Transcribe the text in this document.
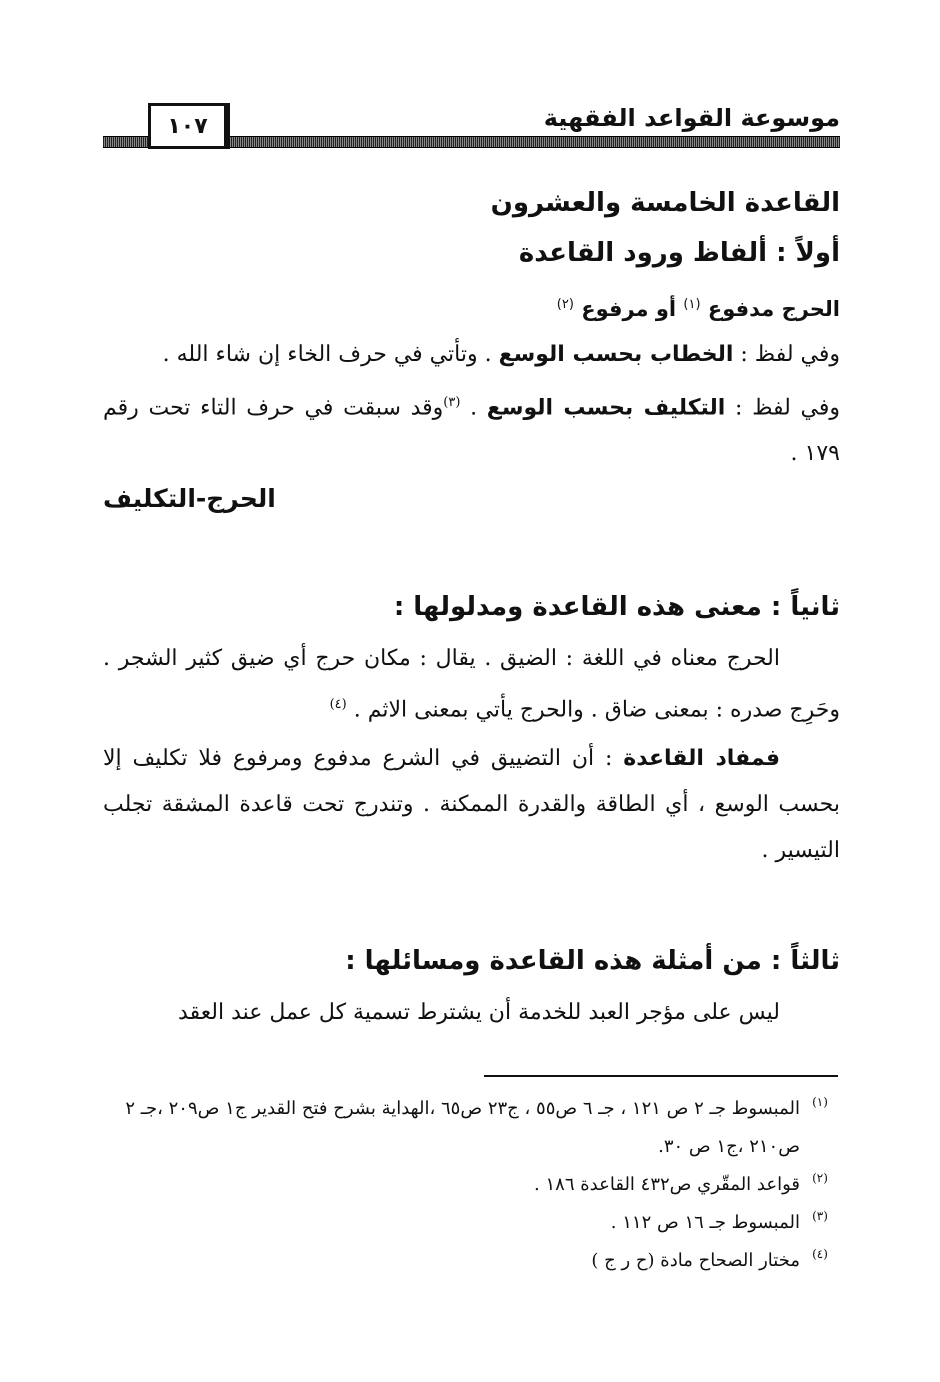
موسوعة القواعد الفقهية
١٠٧
القاعدة الخامسة والعشرون
أولاً : ألفاظ ورود القاعدة
الحرج مدفوع $^{(١)}$ أو مرفوع $^{(٢)}$
وفي لفظ : الخطاب بحسب الوسع . وتأتي في حرف الخاء إن شاء الله .
وفي لفظ : التكليف بحسب الوسع . $^{(٣)}$وقد سبقت في حرف التاء تحت رقم ١٧٩ .
الحرج-التكليف
ثانياً : معنى هذه القاعدة ومدلولها :
الحرج معناه في اللغة : الضيق . يقال : مكان حرج أي ضيق كثير الشجر . وحَرِج صدره : بمعنى ضاق . والحرج يأتي بمعنى الاثم . $^{(٤)}$
فمفاد القاعدة : أن التضييق في الشرع مدفوع ومرفوع فلا تكليف إلا بحسب الوسع ، أي الطاقة والقدرة الممكنة . وتندرج تحت قاعدة المشقة تجلب التيسير .
ثالثاً : من أمثلة هذه القاعدة ومسائلها :
ليس على مؤجر العبد للخدمة أن يشترط تسمية كل عمل عند العقد
(١)
المبسوط جـ ٢ ص ١٢١ ، جـ ٦ ص٥٥ ، ج٢٣ ص٦٥ ،الهداية بشرح فتح القدير ج١ ص٢٠٩ ،جـ ٢ ص٢١٠ ،ج١ ص ٣٠.
(٢)
قواعد المقّري ص٤٣٢ القاعدة ١٨٦ .
(٣)
المبسوط جـ ١٦ ص ١١٢ .
(٤)
مختار الصحاح مادة (ح ر ج )
